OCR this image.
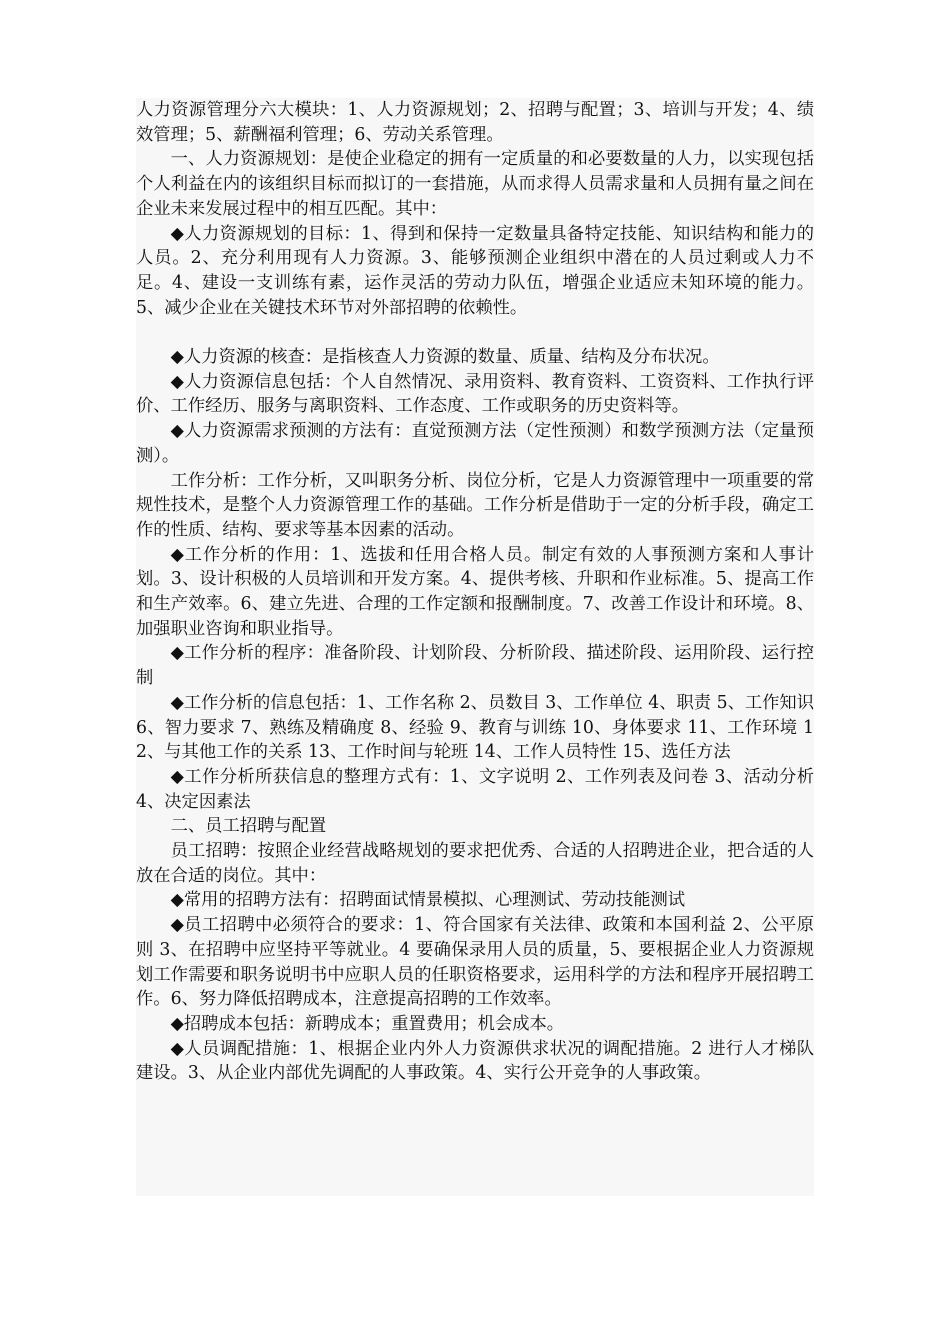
人力资源管理分六大模块：1、人力资源规划；2、招聘与配置；3、培训与开发；4、绩效管理；5、薪酬福利管理；6、劳动关系管理。

一、人力资源规划：是使企业稳定的拥有一定质量的和必要数量的人力，以实现包括个人利益在内的该组织目标而拟订的一套措施，从而求得人员需求量和人员拥有量之间在企业未来发展过程中的相互匹配。其中：

◆人力资源规划的目标：1、得到和保持一定数量具备特定技能、知识结构和能力的人员。2、充分利用现有人力资源。3、能够预测企业组织中潜在的人员过剩或人力不足。4、建设一支训练有素，运作灵活的劳动力队伍，增强企业适应未知环境的能力。5、减少企业在关键技术环节对外部招聘的依赖性。

◆人力资源的核查：是指核查人力资源的数量、质量、结构及分布状况。

◆人力资源信息包括：个人自然情况、录用资料、教育资料、工资资料、工作执行评价、工作经历、服务与离职资料、工作态度、工作或职务的历史资料等。

◆人力资源需求预测的方法有：直觉预测方法（定性预测）和数学预测方法（定量预测）。

工作分析：工作分析，又叫职务分析、岗位分析，它是人力资源管理中一项重要的常规性技术，是整个人力资源管理工作的基础。工作分析是借助于一定的分析手段，确定工作的性质、结构、要求等基本因素的活动。

◆工作分析的作用：1、选拔和任用合格人员。制定有效的人事预测方案和人事计划。3、设计积极的人员培训和开发方案。4、提供考核、升职和作业标准。5、提高工作和生产效率。6、建立先进、合理的工作定额和报酬制度。7、改善工作设计和环境。8、加强职业咨询和职业指导。

◆工作分析的程序：准备阶段、计划阶段、分析阶段、描述阶段、运用阶段、运行控制

◆工作分析的信息包括：1、工作名称 2、员数目 3、工作单位 4、职责 5、工作知识 6、智力要求 7、熟练及精确度 8、经验 9、教育与训练 10、身体要求 11、工作环境 12、与其他工作的关系 13、工作时间与轮班 14、工作人员特性 15、选任方法

◆工作分析所获信息的整理方式有：1、文字说明 2、工作列表及问卷 3、活动分析 4、决定因素法

二、员工招聘与配置

员工招聘：按照企业经营战略规划的要求把优秀、合适的人招聘进企业，把合适的人放在合适的岗位。其中：

◆常用的招聘方法有：招聘面试情景模拟、心理测试、劳动技能测试

◆员工招聘中必须符合的要求：1、符合国家有关法律、政策和本国利益 2、公平原则 3、在招聘中应坚持平等就业。4 要确保录用人员的质量，5、要根据企业人力资源规划工作需要和职务说明书中应职人员的任职资格要求，运用科学的方法和程序开展招聘工作。6、努力降低招聘成本，注意提高招聘的工作效率。

◆招聘成本包括：新聘成本；重置费用；机会成本。

◆人员调配措施：1、根据企业内外人力资源供求状况的调配措施。2 进行人才梯队建设。3、从企业内部优先调配的人事政策。4、实行公开竞争的人事政策。
